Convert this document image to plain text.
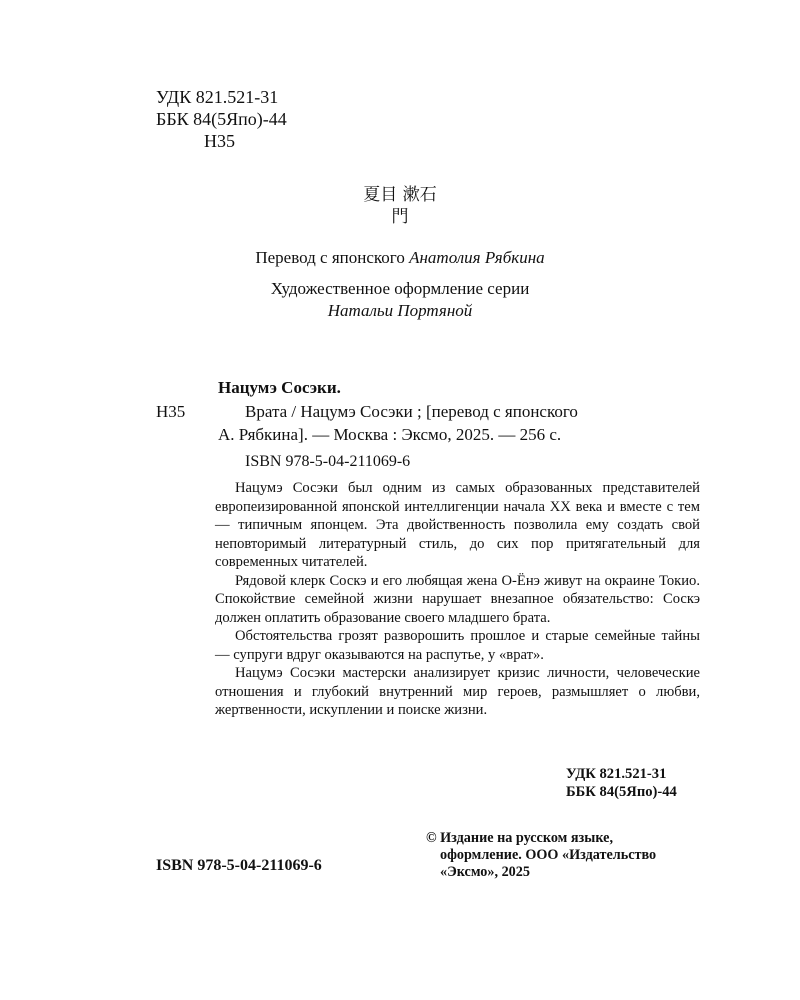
УДК 821.521-31
ББК 84(5Япо)-44
Н35
夏目 漱石
門
Перевод с японского Анатолия Рябкина
Художественное оформление серии
Натальи Портяной
Нацумэ Сосэки.
Н35	Врата / Нацумэ Сосэки ; [перевод с японского
А. Рябкина]. — Москва : Эксмо, 2025. — 256 с.
ISBN 978-5-04-211069-6

Нацумэ Сосэки был одним из самых образованных представителей европеизированной японской интеллигенции начала XX века и вместе с тем — типичным японцем. Эта двойственность позволила ему создать свой неповторимый литературный стиль, до сих пор притягательный для современных читателей.

Рядовой клерк Соскэ и его любящая жена О-Ёнэ живут на окраине Токио. Спокойствие семейной жизни нарушает внезапное обязательство: Соскэ должен оплатить образование своего младшего брата.

Обстоятельства грозят разворошить прошлое и старые семейные тайны — супруги вдруг оказываются на распутье, у «врат».

Нацумэ Сосэки мастерски анализирует кризис личности, человеческие отношения и глубокий внутренний мир героев, размышляет о любви, жертвенности, искуплении и поиске жизни.

УДК 821.521-31
ББК 84(5Япо)-44
ISBN 978-5-04-211069-6
© Издание на русском языке,
оформление. ООО «Издательство
«Эксмо», 2025
